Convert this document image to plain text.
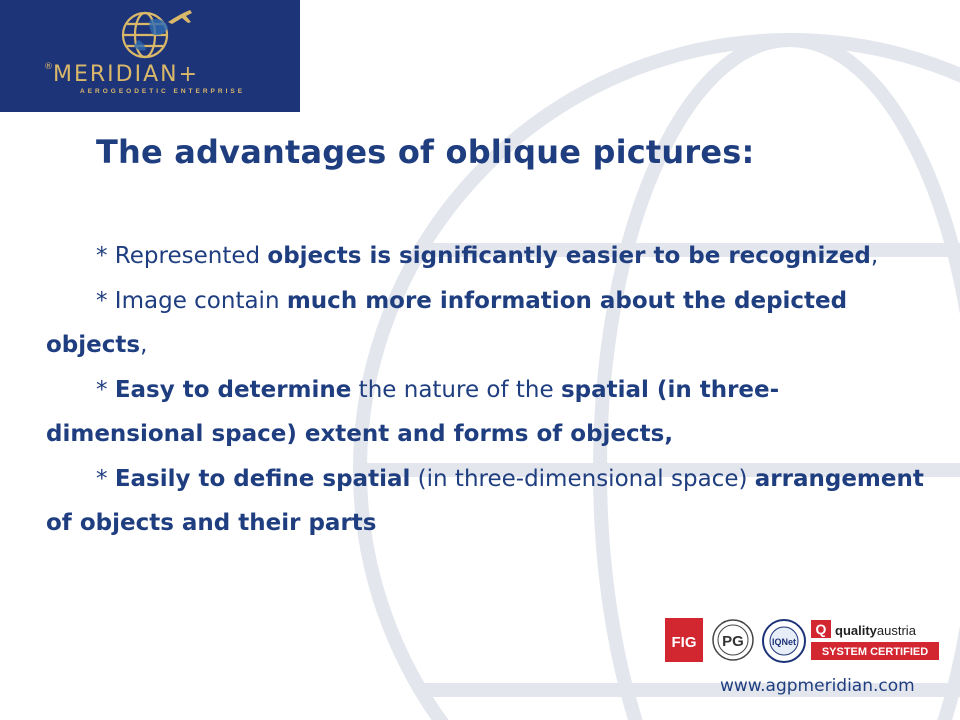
®MERIDIAN+
AEROGEODETIC ENTERPRISE
The advantages of oblique pictures:

* Represented objects is significantly easier to be recognized,

* Image contain much more information about the depicted objects,

* Easy to determine the nature of the spatial (in three-dimensional space) extent and forms of objects,

* Easily to define spatial (in three-dimensional space) arrangement of objects and their parts

FIG PG	IQNet
Q qualityaustria
SYSTEM CERTIFIED
www.agpmeridian.com
